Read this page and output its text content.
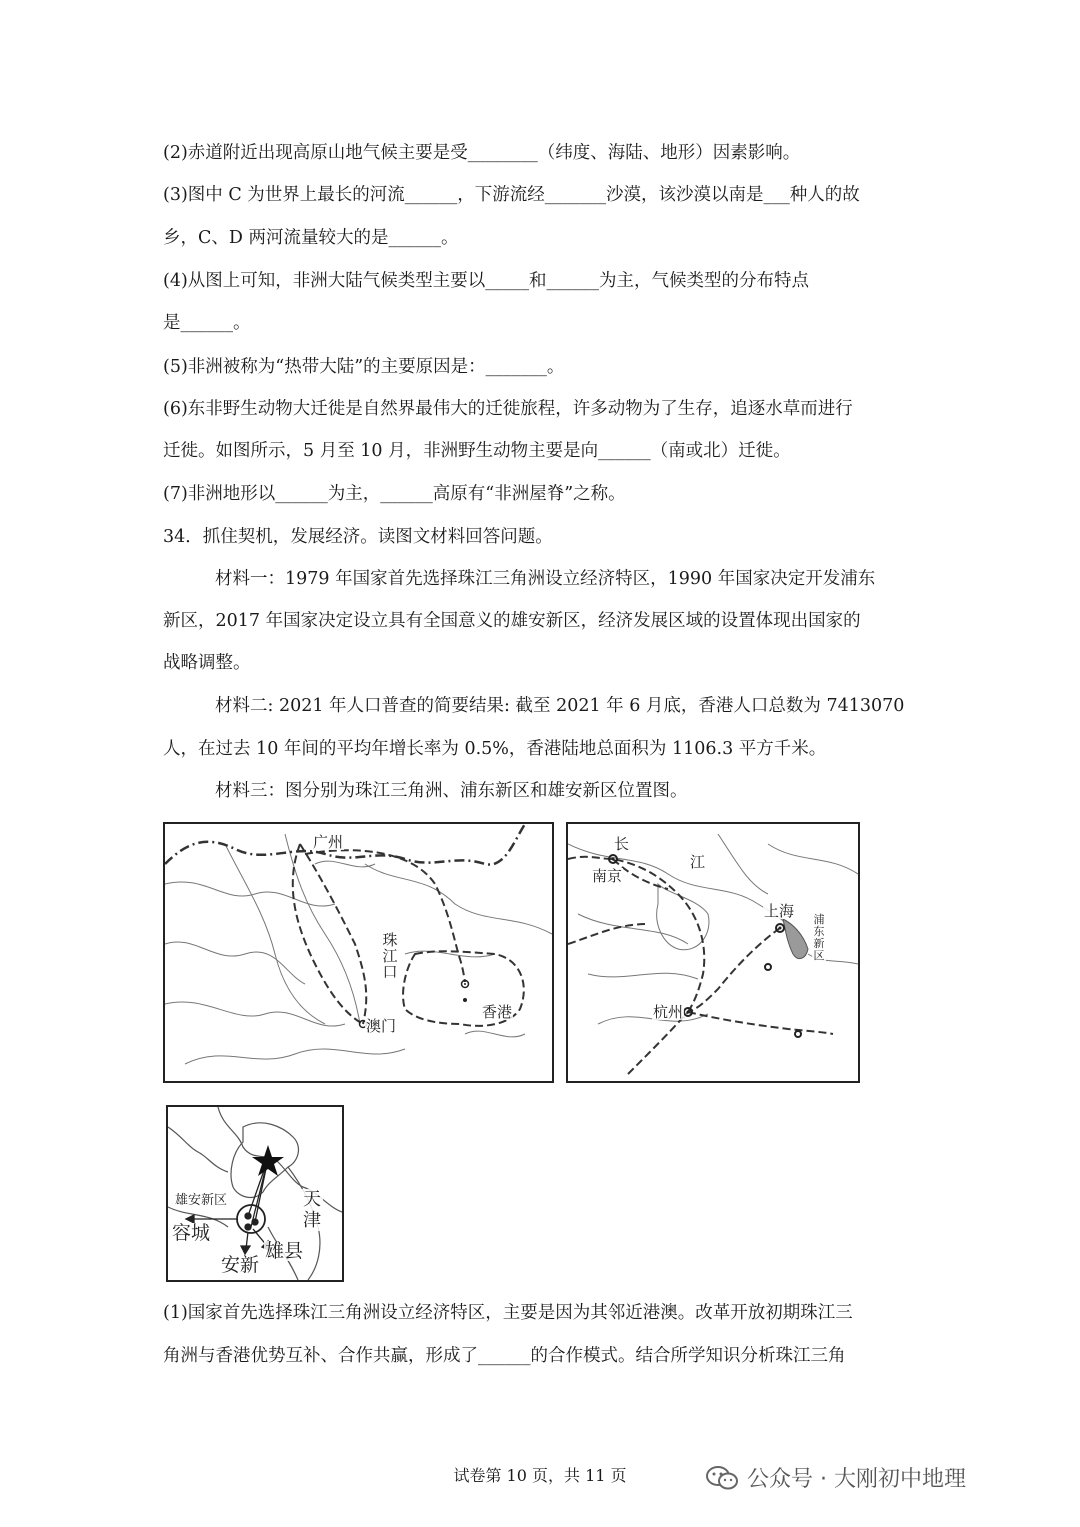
(2)赤道附近出现高原山地气候主要是受________（纬度、海陆、地形）因素影响。
(3)图中 C 为世界上最长的河流______，下游流经_______沙漠，该沙漠以南是___种人的故
乡，C、D 两河流量较大的是______。
(4)从图上可知，非洲大陆气候类型主要以_____和______为主，气候类型的分布特点
是______。
(5)非洲被称为“热带大陆”的主要原因是：_______。
(6)东非野生动物大迁徙是自然界最伟大的迁徙旅程，许多动物为了生存，追逐水草而进行
迁徙。如图所示，5 月至 10 月，非洲野生动物主要是向______（南或北）迁徙。
(7)非洲地形以______为主，______高原有“非洲屋脊”之称。
34．抓住契机，发展经济。读图文材料回答问题。
材料一：1979 年国家首先选择珠江三角洲设立经济特区，1990 年国家决定开发浦东
新区，2017 年国家决定设立具有全国意义的雄安新区，经济发展区域的设置体现出国家的
战略调整。
材料二: 2021 年人口普查的简要结果: 截至 2021 年 6 月底，香港人口总数为 7413070
人，在过去 10 年间的平均年增长率为 0.5%，香港陆地总面积为 1106.3 平方千米。
材料三：图分别为珠江三角洲、浦东新区和雄安新区位置图。
广州
珠江口
澳门
香港
长
江
南京
上海 浦东新区
杭州
雄安新区
容城
天津
安新
雄县
(1)国家首先选择珠江三角洲设立经济特区，主要是因为其邻近港澳。改革开放初期珠江三
角洲与香港优势互补、合作共赢，形成了______的合作模式。结合所学知识分析珠江三角
试卷第 10 页，共 11 页	公众号 · 大刚初中地理
